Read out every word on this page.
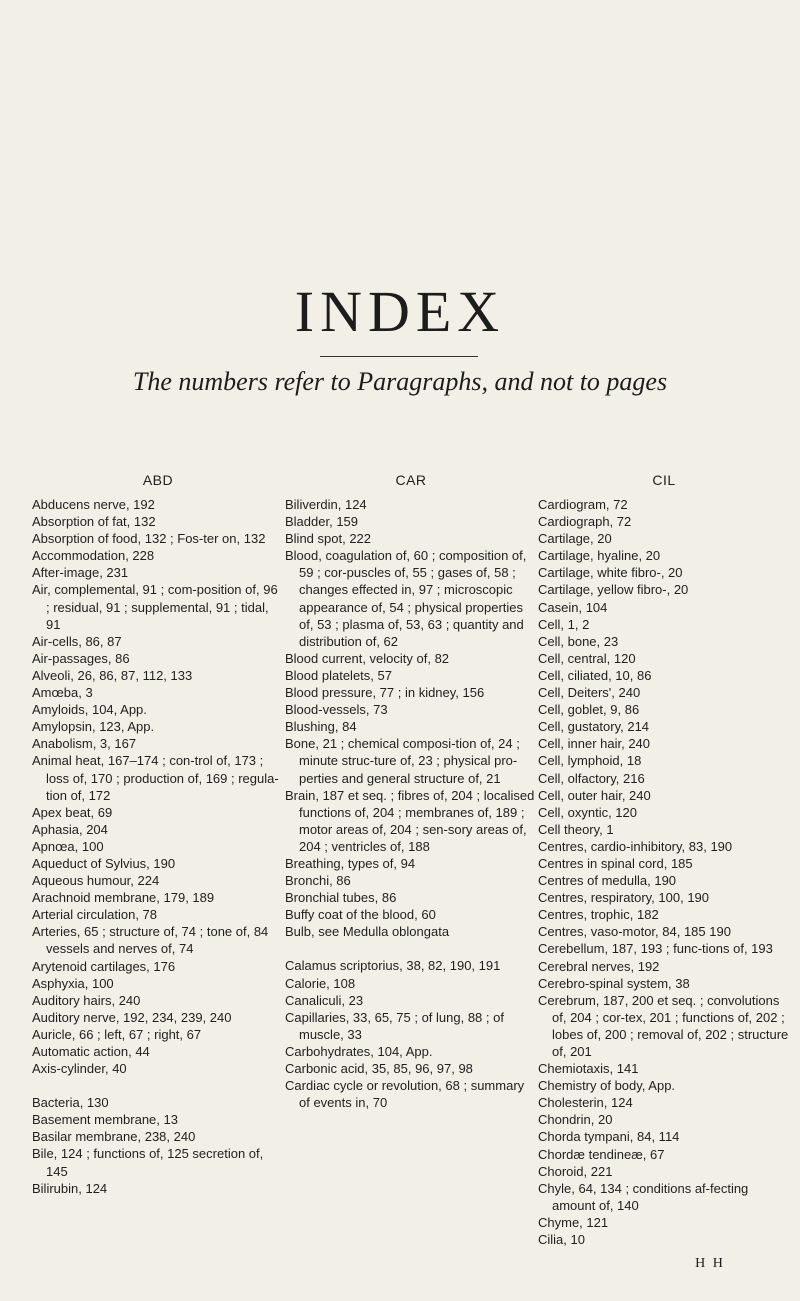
INDEX
The numbers refer to Paragraphs, and not to pages
ABD
Abducens nerve, 192
Absorption of fat, 132
Absorption of food, 132 ; Fos-ter on, 132
Accommodation, 228
After-image, 231
Air, complemental, 91 ; com-position of, 96 ; residual, 91 ; supplemental, 91 ; tidal, 91
Air-cells, 86, 87
Air-passages, 86
Alveoli, 26, 86, 87, 112, 133
Amœba, 3
Amyloids, 104, App.
Amylopsin, 123, App.
Anabolism, 3, 167
Animal heat, 167–174 ; con-trol of, 173 ; loss of, 170 ; production of, 169 ; regula-tion of, 172
Apex beat, 69
Aphasia, 204
Apnœa, 100
Aqueduct of Sylvius, 190
Aqueous humour, 224
Arachnoid membrane, 179, 189
Arterial circulation, 78
Arteries, 65 ; structure of, 74 ; tone of, 84 vessels and nerves of, 74
Arytenoid cartilages, 176
Asphyxia, 100
Auditory hairs, 240
Auditory nerve, 192, 234, 239, 240
Auricle, 66 ; left, 67 ; right, 67
Automatic action, 44
Axis-cylinder, 40
Bacteria, 130
Basement membrane, 13
Basilar membrane, 238, 240
Bile, 124 ; functions of, 125 secretion of, 145
Bilirubin, 124
CAR
Biliverdin, 124
Bladder, 159
Blind spot, 222
Blood, coagulation of, 60 ; composition of, 59 ; cor-puscles of, 55 ; gases of, 58 ; changes effected in, 97 ; microscopic appearance of, 54 ; physical properties of, 53 ; plasma of, 53, 63 ; quantity and distribution of, 62
Blood current, velocity of, 82
Blood platelets, 57
Blood pressure, 77 ; in kidney, 156
Blood-vessels, 73
Blushing, 84
Bone, 21 ; chemical composi-tion of, 24 ; minute struc-ture of, 23 ; physical pro-perties and general structure of, 21
Brain, 187 et seq. ; fibres of, 204 ; localised functions of, 204 ; membranes of, 189 ; motor areas of, 204 ; sen-sory areas of, 204 ; ventricles of, 188
Breathing, types of, 94
Bronchi, 86
Bronchial tubes, 86
Buffy coat of the blood, 60
Bulb, see Medulla oblongata
Calamus scriptorius, 38, 82, 190, 191
Calorie, 108
Canaliculi, 23
Capillaries, 33, 65, 75 ; of lung, 88 ; of muscle, 33
Carbohydrates, 104, App.
Carbonic acid, 35, 85, 96, 97, 98
Cardiac cycle or revolution, 68 ; summary of events in, 70
CIL
Cardiogram, 72
Cardiograph, 72
Cartilage, 20
Cartilage, hyaline, 20
Cartilage, white fibro-, 20
Cartilage, yellow fibro-, 20
Casein, 104
Cell, 1, 2
Cell, bone, 23
Cell, central, 120
Cell, ciliated, 10, 86
Cell, Deiters', 240
Cell, goblet, 9, 86
Cell, gustatory, 214
Cell, inner hair, 240
Cell, lymphoid, 18
Cell, olfactory, 216
Cell, outer hair, 240
Cell, oxyntic, 120
Cell theory, 1
Centres, cardio-inhibitory, 83, 190
Centres in spinal cord, 185
Centres of medulla, 190
Centres, respiratory, 100, 190
Centres, trophic, 182
Centres, vaso-motor, 84, 185 190
Cerebellum, 187, 193 ; func-tions of, 193
Cerebral nerves, 192
Cerebro-spinal system, 38
Cerebrum, 187, 200 et seq. ; convolutions of, 204 ; cor-tex, 201 ; functions of, 202 ; lobes of, 200 ; removal of, 202 ; structure of, 201
Chemiotaxis, 141
Chemistry of body, App.
Cholesterin, 124
Chondrin, 20
Chorda tympani, 84, 114
Chordæ tendineæ, 67
Choroid, 221
Chyle, 64, 134 ; conditions af-fecting amount of, 140
Chyme, 121
Cilia, 10
H H
